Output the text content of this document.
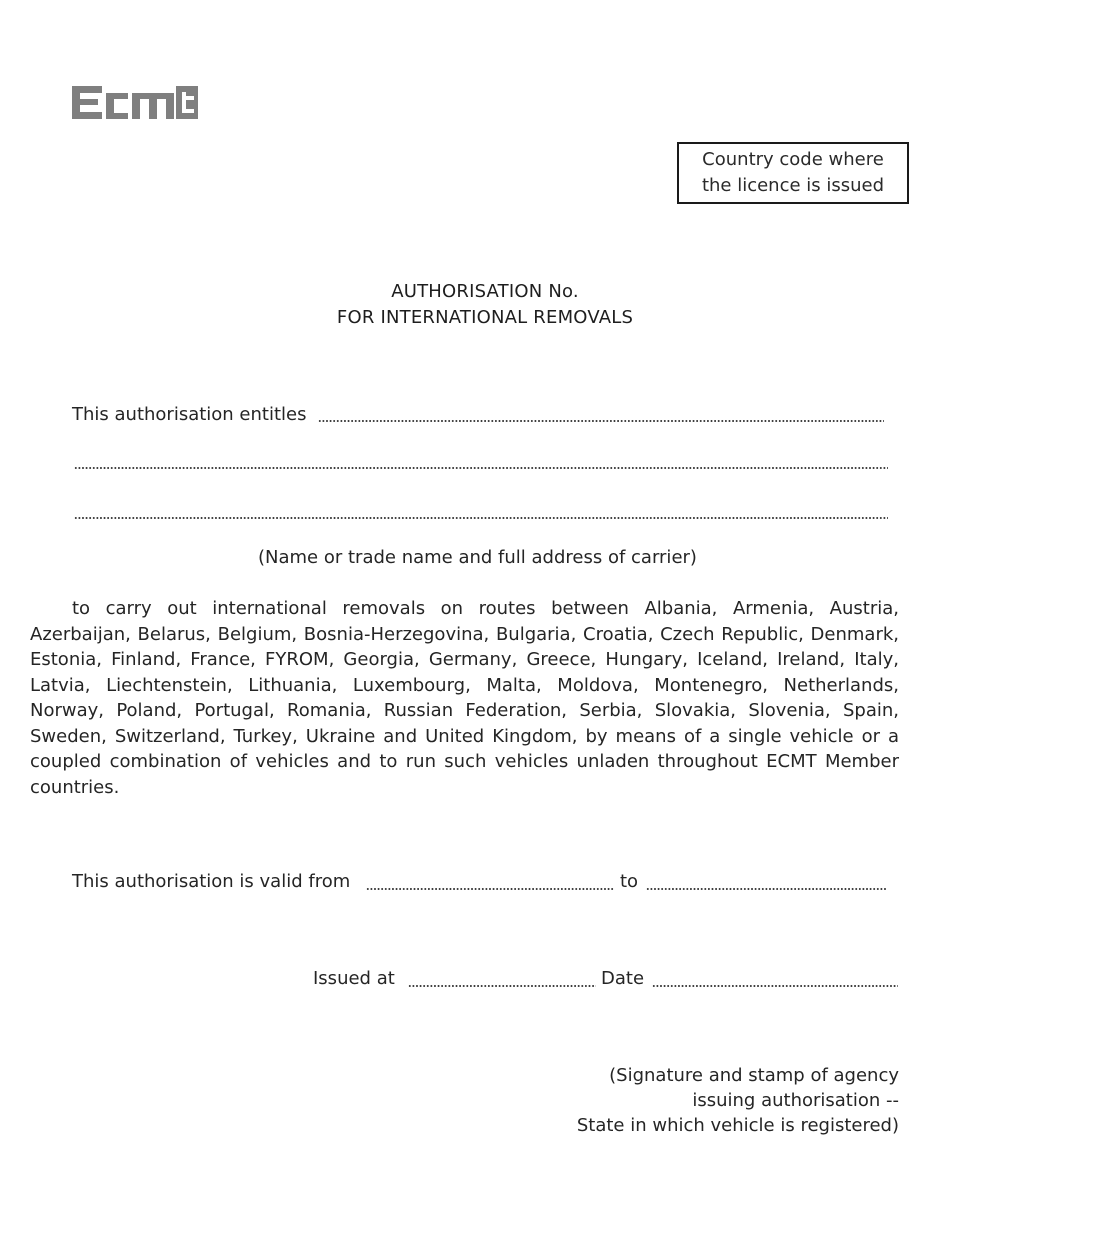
Country code where
the licence is issued
AUTHORISATION No.
FOR INTERNATIONAL REMOVALS
This authorisation entitles
(Name or trade name and full address of carrier)
to carry out international removals on routes between Albania, Armenia, Austria, Azerbaijan, Belarus, Belgium, Bosnia-Herzegovina, Bulgaria, Croatia, Czech Republic, Denmark, Estonia, Finland, France, FYROM, Georgia, Germany, Greece, Hungary, Iceland, Ireland, Italy, Latvia, Liechtenstein, Lithuania, Luxembourg, Malta, Moldova, Montenegro, Netherlands, Norway, Poland, Portugal, Romania, Russian Federation, Serbia, Slovakia, Slovenia, Spain, Sweden, Switzerland, Turkey, Ukraine and United Kingdom, by means of a single vehicle or a coupled combination of vehicles and to run such vehicles unladen throughout ECMT Member countries.
This authorisation is valid from	to
Issued at	Date
(Signature and stamp of agency
issuing authorisation --
State in which vehicle is registered)
